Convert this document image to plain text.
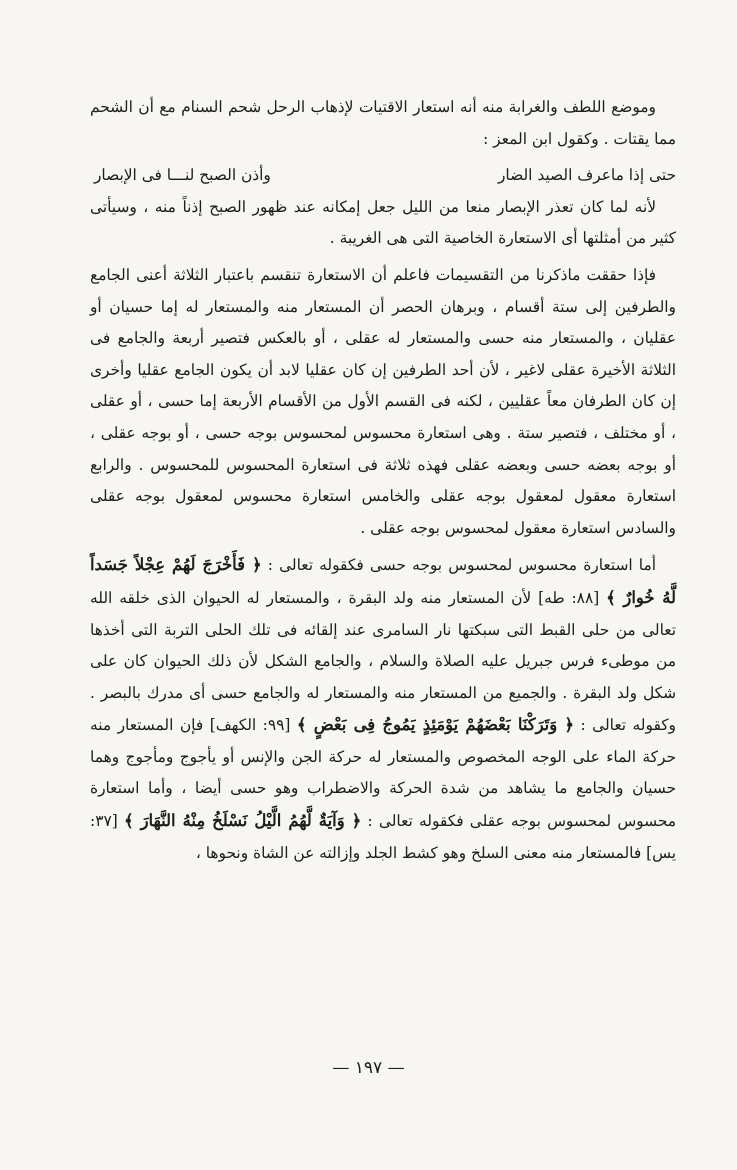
وموضع اللطف والغرابة منه أنه استعار الاقتيات لإذهاب الرحل شحم السنام مع أن الشحم مما يقتات . وكقول ابن المعز :

حتى إذا ماعرف الصيد الضار
وأذن الصبح لنـــا فى الإبصار

لأنه لما كان تعذر الإبصار منعا من الليل جعل إمكانه عند ظهور الصبح إذناً منه ، وسيأتى كثير من أمثلتها أى الاستعارة الخاصية التى هى الغريبة .

فإذا حققت ماذكرنا من التقسيمات فاعلم أن الاستعارة تنقسم باعتبار الثلاثة أعنى الجامع والطرفين إلى ستة أقسام ، وبرهان الحصر أن المستعار منه والمستعار له إما حسيان أو عقليان ، والمستعار منه حسى والمستعار له عقلى ، أو بالعكس فتصير أربعة والجامع فى الثلاثة الأخيرة عقلى لاغير ، لأن أحد الطرفين إن كان عقليا لابد أن يكون الجامع عقليا وأخرى إن كان الطرفان معاً عقليين ، لكنه فى القسم الأول من الأقسام الأربعة إما حسى ، أو عقلى ، أو مختلف ، فتصير ستة . وهى استعارة محسوس لمحسوس بوجه حسى ، أو بوجه عقلى ، أو بوجه بعضه حسى وبعضه عقلى فهذه ثلاثة فى استعارة المحسوس للمحسوس . والرابع استعارة معقول لمعقول بوجه عقلى والخامس استعارة محسوس لمعقول بوجه عقلى والسادس استعارة معقول لمحسوس بوجه عقلى .

أما استعارة محسوس لمحسوس بوجه حسى فكقوله تعالى : ﴿ فَأَخْرَجَ لَهُمْ عِجْلاً جَسَداً لَّهُ خُوارٌ ﴾ [٨٨: طه] لأن المستعار منه ولد البقرة ، والمستعار له الحيوان الذى خلقه الله تعالى من حلى القبط التى سبكتها نار السامرى عند إلقائه فى تلك الحلى التربة التى أخذها من موطىء فرس جبريل عليه الصلاة والسلام ، والجامع الشكل لأن ذلك الحيوان كان على شكل ولد البقرة . والجميع من المستعار منه والمستعار له والجامع حسى أى مدرك بالبصر . وكقوله تعالى : ﴿ وَتَرَكْنَا بَعْضَهُمْ يَوْمَئِذٍ يَمُوجُ فِى بَعْضٍ ﴾ [٩٩: الكهف] فإن المستعار منه حركة الماء على الوجه المخصوص والمستعار له حركة الجن والإنس أو يأجوج ومأجوج وهما حسيان والجامع ما يشاهد من شدة الحركة والاضطراب وهو حسى أيضا ، وأما استعارة محسوس لمحسوس بوجه عقلى فكقوله تعالى : ﴿ وَآيَةٌ لَّهُمُ الَّيْلُ نَسْلَخُ مِنْهُ النَّهَارَ ﴾ [٣٧: يس] فالمستعار منه معنى السلخ وهو كشط الجلد وإزالته عن الشاة ونحوها ،

— ١٩٧ —
